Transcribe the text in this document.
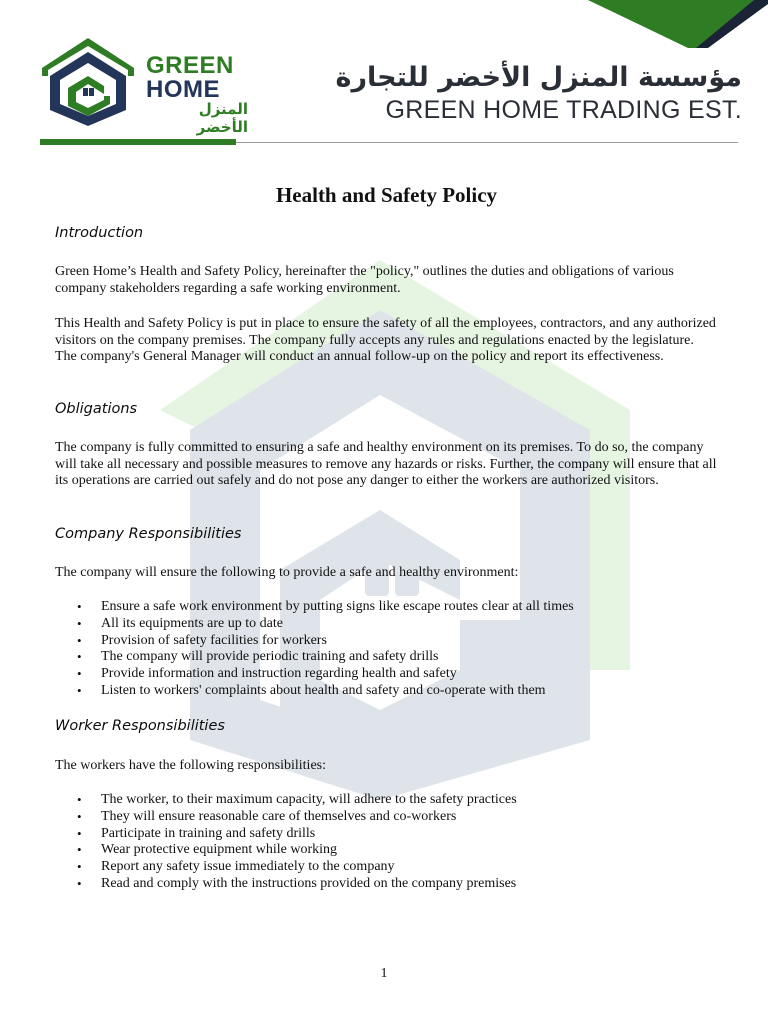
GREEN
HOME
المنزل الأخضر
مؤسسة المنزل الأخضر للتجارة
GREEN HOME TRADING EST.
Health and Safety Policy
Introduction

Green Home’s Health and Safety Policy, hereinafter the "policy," outlines the duties and obligations of various company stakeholders regarding a safe working environment.

This Health and Safety Policy is put in place to ensure the safety of all the employees, contractors, and any authorized visitors on the company premises. The company fully accepts any rules and regulations enacted by the legislature. The company's General Manager will conduct an annual follow-up on the policy and report its effectiveness.

Obligations

The company is fully committed to ensuring a safe and healthy environment on its premises. To do so, the company will take all necessary and possible measures to remove any hazards or risks. Further, the company will ensure that all its operations are carried out safely and do not pose any danger to either the workers are authorized visitors.

Company Responsibilities

The company will ensure the following to provide a safe and healthy environment:

• Ensure a safe work environment by putting signs like escape routes clear at all times
• All its equipments are up to date
• Provision of safety facilities for workers
• The company will provide periodic training and safety drills
• Provide information and instruction regarding health and safety
• Listen to workers' complaints about health and safety and co-operate with them
Worker Responsibilities

The workers have the following responsibilities:

• The worker, to their maximum capacity, will adhere to the safety practices
• They will ensure reasonable care of themselves and co-workers
• Participate in training and safety drills
• Wear protective equipment while working
• Report any safety issue immediately to the company
• Read and comply with the instructions provided on the company premises
1
